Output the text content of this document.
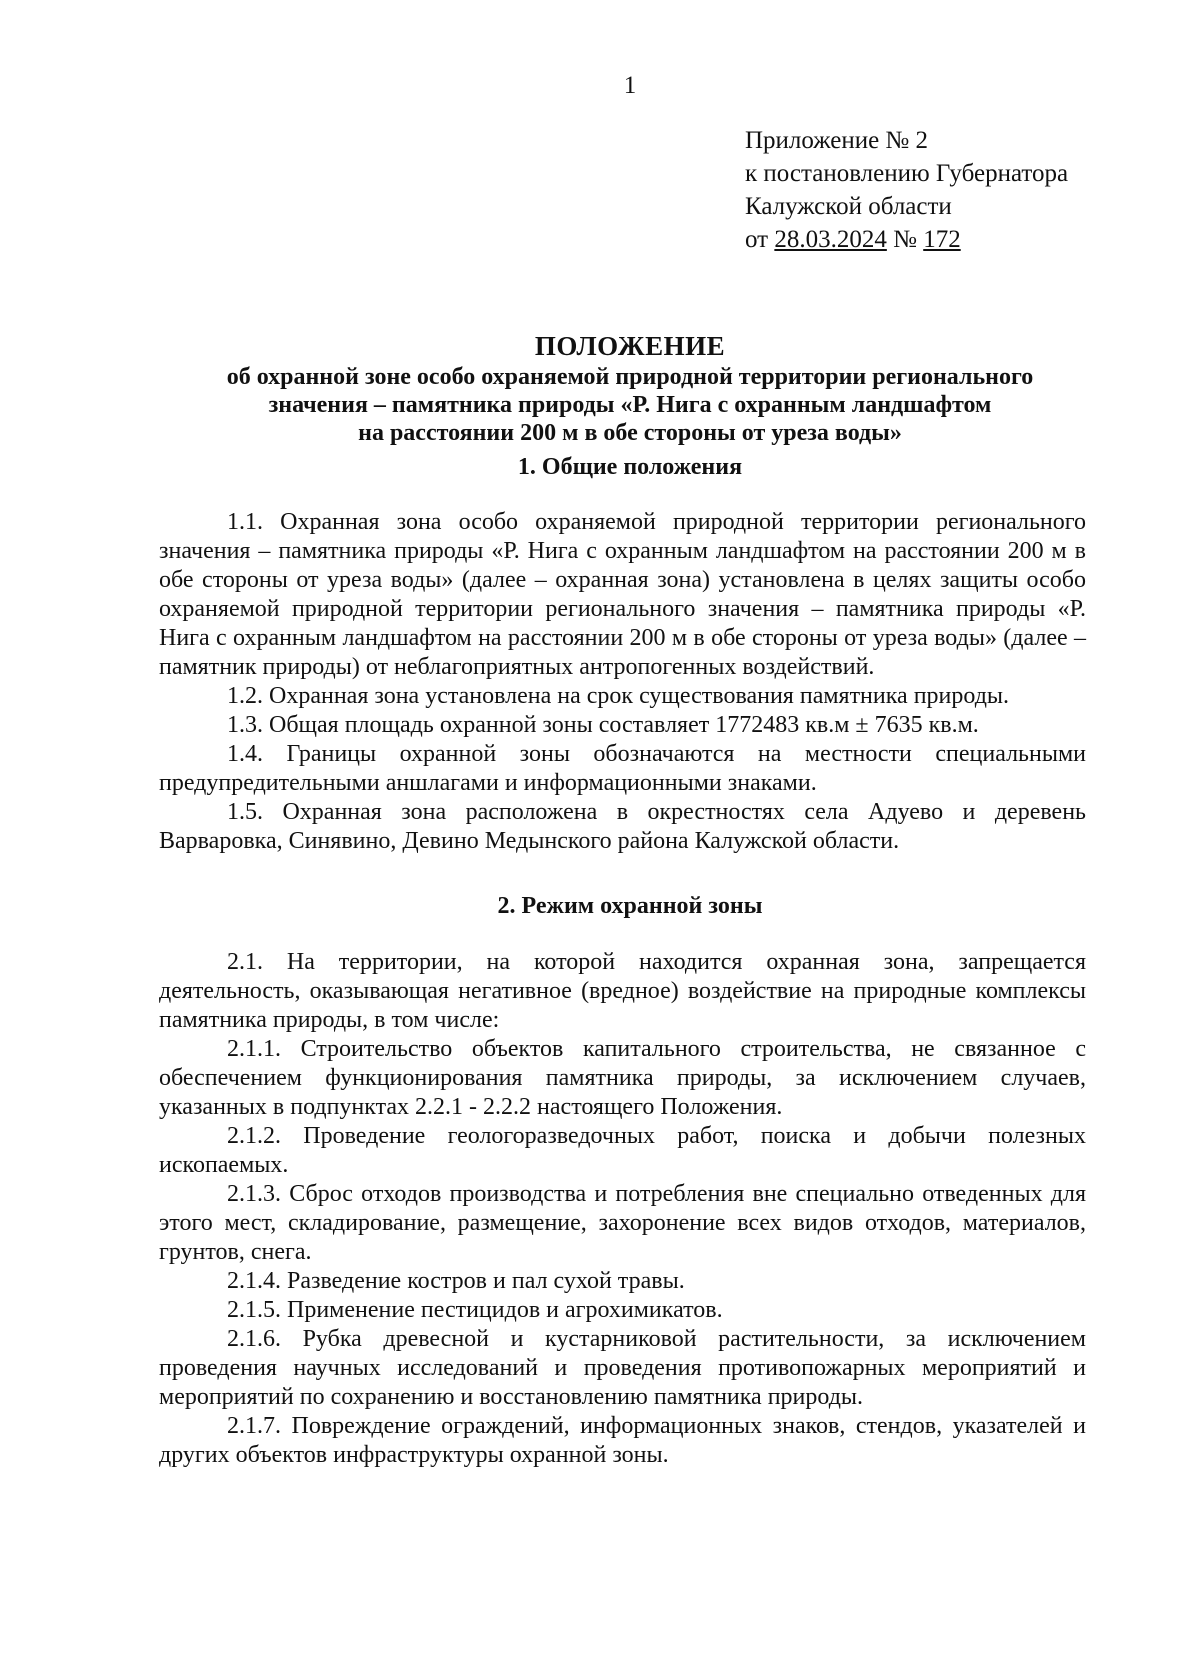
1
Приложение № 2
к постановлению Губернатора
Калужской области
от 28.03.2024 № 172
ПОЛОЖЕНИЕ
об охранной зоне особо охраняемой природной территории регионального
значения – памятника природы «Р. Нига с охранным ландшафтом
на расстоянии 200 м в обе стороны от уреза воды»
1. Общие положения

1.1. Охранная зона особо охраняемой природной территории регионального значения – памятника природы «Р. Нига с охранным ландшафтом на расстоянии 200 м в обе стороны от уреза воды» (далее – охранная зона) установлена в целях защиты особо охраняемой природной территории регионального значения – памятника природы «Р. Нига с охранным ландшафтом на расстоянии 200 м в обе стороны от уреза воды» (далее – памятник природы) от неблагоприятных антропогенных воздействий.

1.2. Охранная зона установлена на срок существования памятника природы.

1.3. Общая площадь охранной зоны составляет 1772483 кв.м ± 7635 кв.м.

1.4. Границы охранной зоны обозначаются на местности специальными предупредительными аншлагами и информационными знаками.

1.5. Охранная зона расположена в окрестностях села Адуево и деревень Варваровка, Синявино, Девино Медынского района Калужской области.

2. Режим охранной зоны

2.1. На территории, на которой находится охранная зона, запрещается деятельность, оказывающая негативное (вредное) воздействие на природные комплексы памятника природы, в том числе:

2.1.1. Строительство объектов капитального строительства, не связанное с обеспечением функционирования памятника природы, за исключением случаев, указанных в подпунктах 2.2.1 - 2.2.2 настоящего Положения.

2.1.2. Проведение геологоразведочных работ, поиска и добычи полезных ископаемых.

2.1.3. Сброс отходов производства и потребления вне специально отведенных для этого мест, складирование, размещение, захоронение всех видов отходов, материалов, грунтов, снега.

2.1.4. Разведение костров и пал сухой травы.

2.1.5. Применение пестицидов и агрохимикатов.

2.1.6. Рубка древесной и кустарниковой растительности, за исключением проведения научных исследований и проведения противопожарных мероприятий и мероприятий по сохранению и восстановлению памятника природы.

2.1.7. Повреждение ограждений, информационных знаков, стендов, указателей и других объектов инфраструктуры охранной зоны.
